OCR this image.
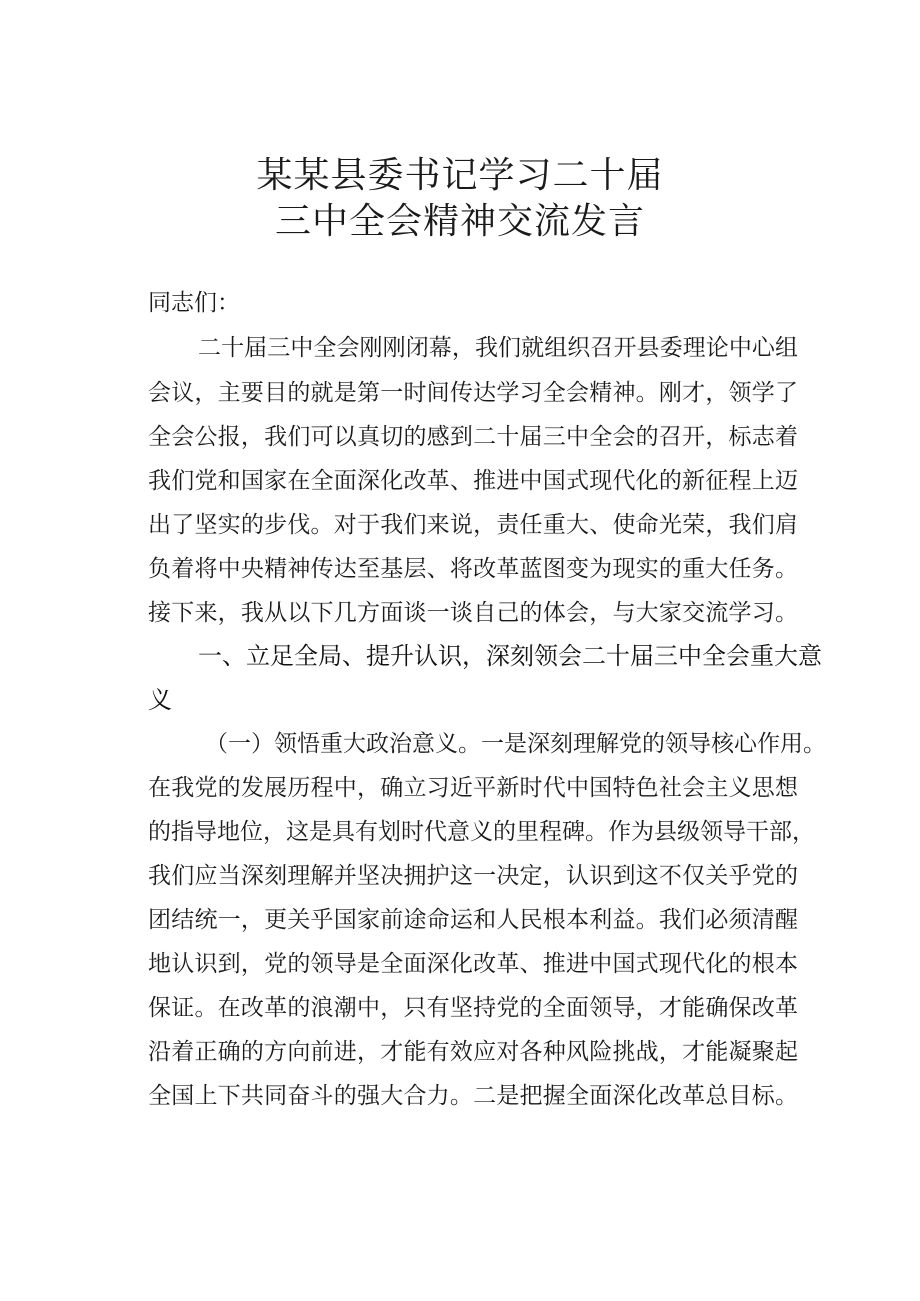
某某县委书记学习二十届
三中全会精神交流发言
同志们：
二十届三中全会刚刚闭幕，我们就组织召开县委理论中心组
会议，主要目的就是第一时间传达学习全会精神。刚才，领学了
全会公报，我们可以真切的感到二十届三中全会的召开，标志着
我们党和国家在全面深化改革、推进中国式现代化的新征程上迈
出了坚实的步伐。对于我们来说，责任重大、使命光荣，我们肩
负着将中央精神传达至基层、将改革蓝图变为现实的重大任务。
接下来，我从以下几方面谈一谈自己的体会，与大家交流学习。
一、立足全局、提升认识，深刻领会二十届三中全会重大意
义
（一）领悟重大政治意义。一是深刻理解党的领导核心作用。
在我党的发展历程中，确立习近平新时代中国特色社会主义思想
的指导地位，这是具有划时代意义的里程碑。作为县级领导干部，
我们应当深刻理解并坚决拥护这一决定，认识到这不仅关乎党的
团结统一，更关乎国家前途命运和人民根本利益。我们必须清醒
地认识到，党的领导是全面深化改革、推进中国式现代化的根本
保证。在改革的浪潮中，只有坚持党的全面领导，才能确保改革
沿着正确的方向前进，才能有效应对各种风险挑战，才能凝聚起
全国上下共同奋斗的强大合力。二是把握全面深化改革总目标。
